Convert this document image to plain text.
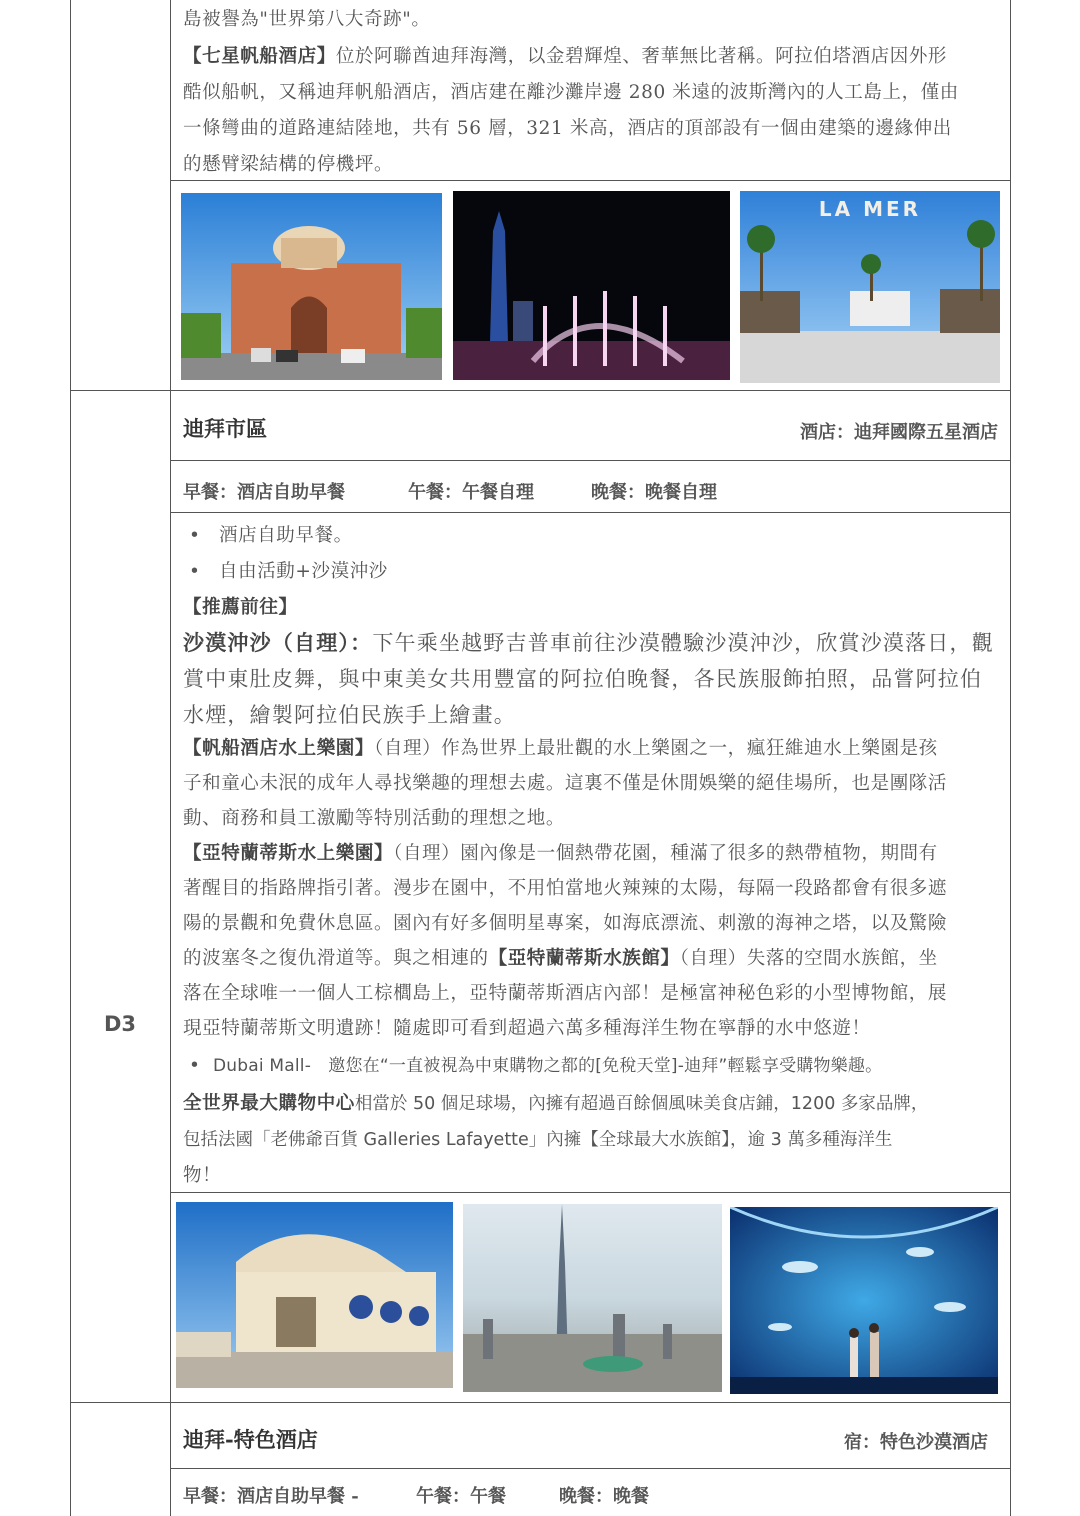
島被譽為"世界第八大奇跡"。
【七星帆船酒店】位於阿聯酋迪拜海灣，以金碧輝煌、奢華無比著稱。阿拉伯塔酒店因外形
酷似船帆，又稱迪拜帆船酒店，酒店建在離沙灘岸邊 280 米遠的波斯灣內的人工島上，僅由
一條彎曲的道路連結陸地，共有 56 層，321 米高，酒店的頂部設有一個由建築的邊緣伸出
的懸臂梁結構的停機坪。
LA MER
D3
迪拜市區	酒店：迪拜國際五星酒店
早餐：酒店自助早餐	午餐：午餐自理	晚餐：晚餐自理
• 酒店自助早餐。
• 自由活動+沙漠沖沙
【推薦前往】
沙漠沖沙（自理）：下午乘坐越野吉普車前往沙漠體驗沙漠沖沙，欣賞沙漠落日，觀
賞中東肚皮舞，與中東美女共用豐富的阿拉伯晚餐，各民族服飾拍照，品嘗阿拉伯
水煙，繪製阿拉伯民族手上繪畫。
【帆船酒店水上樂園】（自理）作為世界上最壯觀的水上樂園之一，瘋狂維迪水上樂園是孩
子和童心未泯的成年人尋找樂趣的理想去處。這裏不僅是休閒娛樂的絕佳場所，也是團隊活
動、商務和員工激勵等特別活動的理想之地。
【亞特蘭蒂斯水上樂園】（自理）園內像是一個熱帶花園，種滿了很多的熱帶植物，期間有
著醒目的指路牌指引著。漫步在園中，不用怕當地火辣辣的太陽，每隔一段路都會有很多遮
陽的景觀和免費休息區。園內有好多個明星專案，如海底漂流、刺激的海神之塔，以及驚險
的波塞冬之復仇滑道等。與之相連的【亞特蘭蒂斯水族館】（自理）失落的空間水族館，坐
落在全球唯一一個人工棕櫚島上，亞特蘭蒂斯酒店內部！是極富神秘色彩的小型博物館，展
現亞特蘭蒂斯文明遺跡！隨處即可看到超過六萬多種海洋生物在寧靜的水中悠遊！
• Dubai Mall-　邀您在“一直被視為中東購物之都的[免稅天堂]-迪拜”輕鬆享受購物樂趣。
全世界最大購物中心相當於 50 個足球場，內擁有超過百餘個風味美食店鋪，1200 多家品牌，
包括法國「老佛爺百貨 Galleries Lafayette」內擁【全球最大水族館】，逾 3 萬多種海洋生
物！
迪拜-特色酒店	宿：特色沙漠酒店
早餐：酒店自助早餐 -	午餐：午餐	晚餐：晚餐
